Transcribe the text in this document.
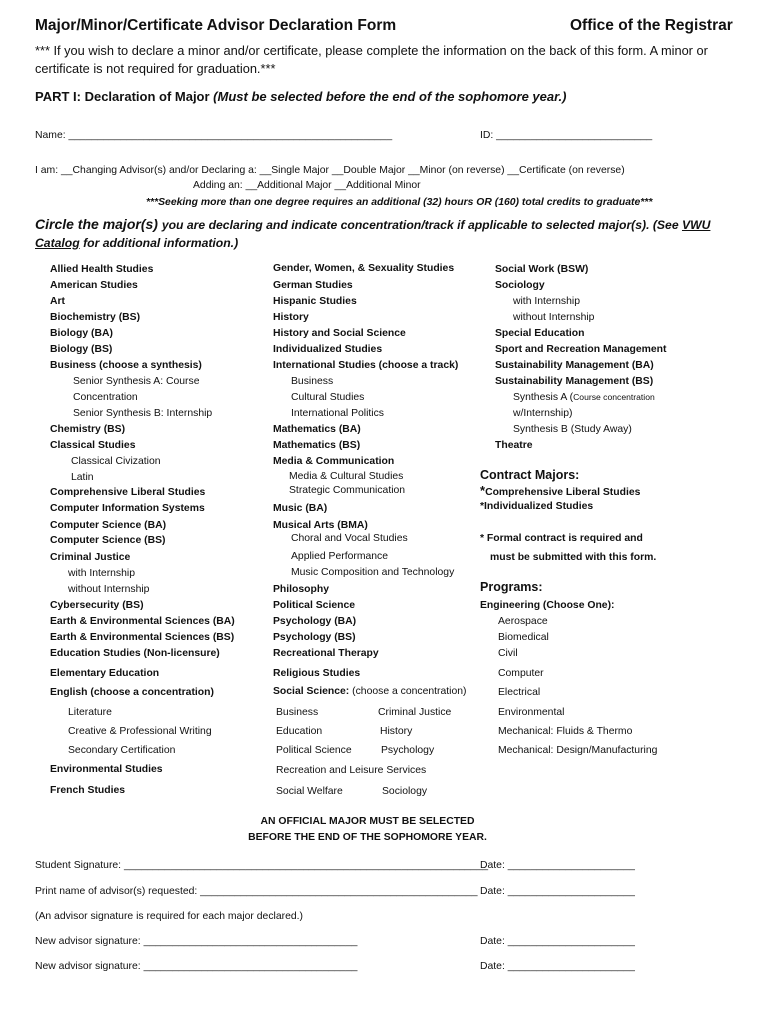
Major/Minor/Certificate Advisor Declaration Form	Office of the Registrar
*** If you wish to declare a minor and/or certificate, please complete the information on the back of this form. A minor or certificate is not required for graduation.***
PART I: Declaration of Major (Must be selected before the end of the sophomore year.)
Name: ________________________________________________________	ID: ___________________________
I am: __Changing Advisor(s) and/or Declaring a: __Single Major __Double Major __Minor (on reverse) __Certificate (on reverse)
Adding an: __Additional Major __Additional Minor
***Seeking more than one degree requires an additional (32) hours OR (160) total credits to graduate***
Circle the major(s) you are declaring and indicate concentration/track if applicable to selected major(s). (See VWU Catalog for additional information.)
Allied Health Studies
American Studies
Art
Biochemistry (BS)
Biology (BA)
Biology (BS)
Business (choose a synthesis)
Senior Synthesis A: Course
Concentration
Senior Synthesis B: Internship
Chemistry (BS)
Classical Studies
Classical Civization
Latin
Comprehensive Liberal Studies
Computer Information Systems
Computer Science (BA)
Computer Science (BS)
Criminal Justice
with Internship
without Internship
Cybersecurity (BS)
Earth & Environmental Sciences (BA)
Earth & Environmental Sciences (BS)
Education Studies (Non-licensure)
Elementary Education
English (choose a concentration)
Literature
Creative & Professional Writing
Secondary Certification
Environmental Studies
French Studies
Gender, Women, & Sexuality Studies
German Studies
Hispanic Studies
History
History and Social Science
Individualized Studies
International Studies (choose a track)
Business
Cultural Studies
International Politics
Mathematics (BA)
Mathematics (BS)
Media & Communication
Media & Cultural Studies
Strategic Communication
Music (BA)
Musical Arts (BMA)
Choral and Vocal Studies
Applied Performance
Music Composition and Technology
Philosophy
Political Science
Psychology (BA)
Psychology (BS)
Recreational Therapy
Religious Studies
Social Science: (choose a concentration)
Business	Criminal Justice
Education	History
Political Science	Psychology
Recreation and Leisure Services
Social Welfare	Sociology
Social Work (BSW)
Sociology
with Internship
without Internship
Special Education
Sport and Recreation Management
Sustainability Management (BA)
Sustainability Management (BS)
Synthesis A (Course concentration
w/Internship)
Synthesis B (Study Away)
Theatre
Contract Majors:
*Comprehensive Liberal Studies
*Individualized Studies
* Formal contract is required and
must be submitted with this form.
Programs:
Engineering (Choose One):
Aerospace
Biomedical
Civil
Computer
Electrical
Environmental
Mechanical: Fluids & Thermo
Mechanical: Design/Manufacturing
AN OFFICIAL MAJOR MUST BE SELECTED
BEFORE THE END OF THE SOPHOMORE YEAR.
Student Signature: _______________________________________________________________
Date: ______________________
Print name of advisor(s) requested: ________________________________________________ Date: ______________________
(An advisor signature is required for each major declared.)
New advisor signature: _____________________________________	Date: ______________________
New advisor signature: _____________________________________	Date: ______________________
